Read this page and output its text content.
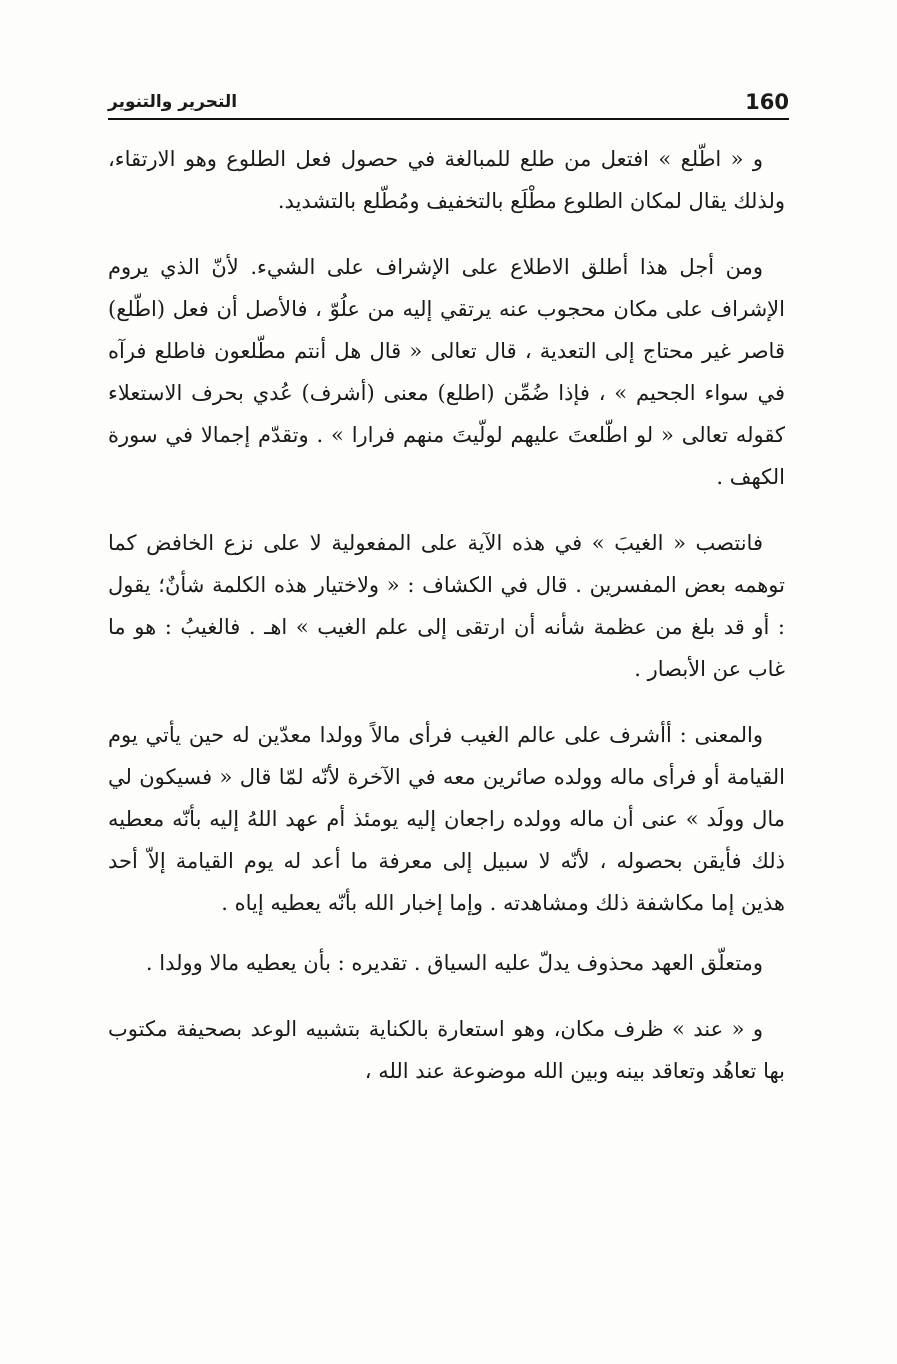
160
التحرير والتنوير

و « اطّلع » افتعل من طلع للمبالغة في حصول فعل الطلوع وهو الارتقاء، ولذلك يقال لمكان الطلوع مطْلَع بالتخفيف ومُطّلع بالتشديد.

ومن أجل هذا أطلق الاطلاع على الإشراف على الشيء. لأنّ الذي يروم الإشراف على مكان محجوب عنه يرتقي إليه من علُوّ ، فالأصل أن فعل (اطّلع) قاصر غير محتاج إلى التعدية ، قال تعالى « قال هل أنتم مطّلعون فاطلع فرآه في سواء الجحيم » ، فإذا ضُمِّن (اطلع) معنى (أشرف) عُدي بحرف الاستعلاء كقوله تعالى « لو اطّلعتَ عليهم لولّيتَ منهم فرارا » . وتقدّم إجمالا في سورة الكهف .

فانتصب « الغيبَ » في هذه الآية على المفعولية لا على نزع الخافض كما توهمه بعض المفسرين . قال في الكشاف : « ولاختيار هذه الكلمة شأنٌ؛ يقول : أو قد بلغ من عظمة شأنه أن ارتقى إلى علم الغيب » اهـ . فالغيبُ : هو ما غاب عن الأبصار .

والمعنى : أأشرف على عالم الغيب فرأى مالاً وولدا معدّين له حين يأتي يوم القيامة أو فرأى ماله وولده صائرين معه في الآخرة لأنّه لمّا قال « فسيكون لي مال وولَد » عنى أن ماله وولده راجعان إليه يومئذ أم عهد اللهُ إليه بأنّه معطيه ذلك فأيقن بحصوله ، لأنّه لا سبيل إلى معرفة ما أعد له يوم القيامة إلاّ أحد هذين إما مكاشفة ذلك ومشاهدته . وإما إخبار الله بأنّه يعطيه إياه .

ومتعلّق العهد محذوف يدلّ عليه السياق . تقديره : بأن يعطيه مالا وولدا .

و « عند » ظرف مكان، وهو استعارة بالكناية بتشبيه الوعد بصحيفة مكتوب بها تعاهُد وتعاقد بينه وبين الله موضوعة عند الله ،
